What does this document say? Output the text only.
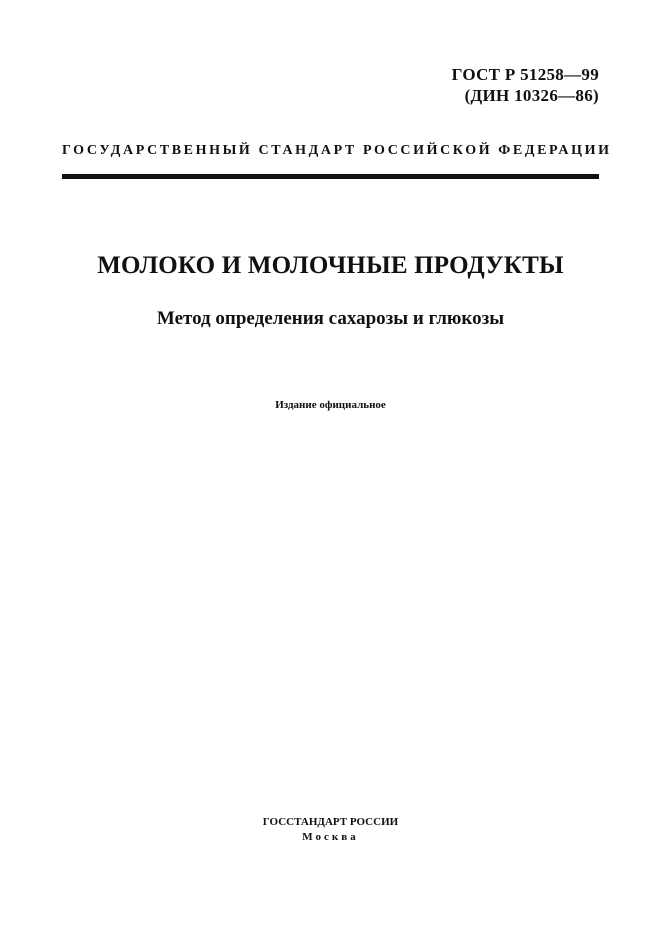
ГОСТ Р 51258—99
(ДИН 10326—86)
ГОСУДАРСТВЕННЫЙ СТАНДАРТ РОССИЙСКОЙ ФЕДЕРАЦИИ
МОЛОКО И МОЛОЧНЫЕ ПРОДУКТЫ
Метод определения сахарозы и глюкозы
Издание официальное
ГОССТАНДАРТ РОССИИ
Москва
